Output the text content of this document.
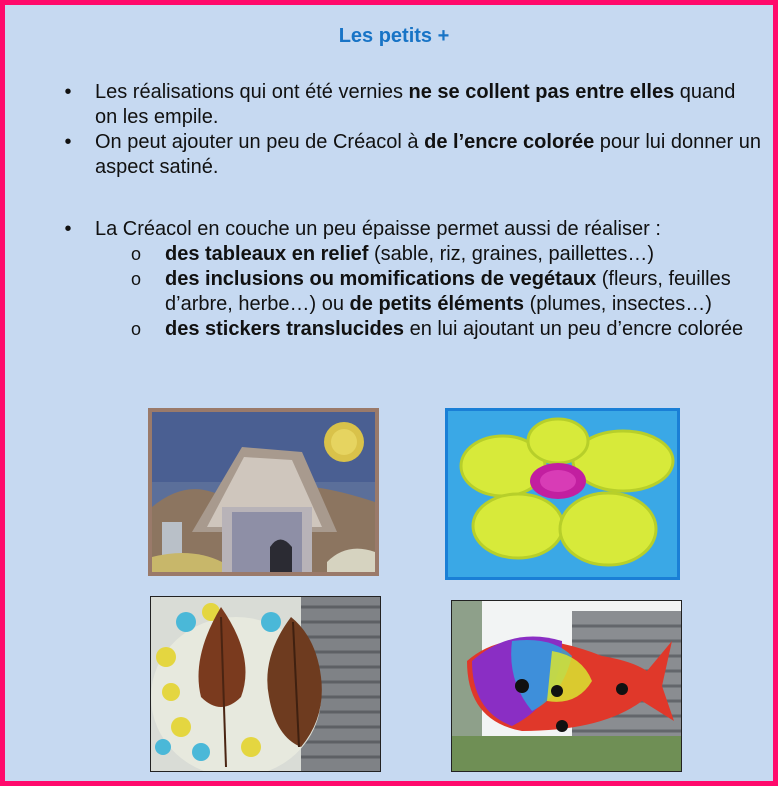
Les petits +
• Les réalisations qui ont été vernies ne se collent pas entre elles quand on les empile.
• On peut ajouter un peu de Créacol à de l’encre colorée pour lui donner un aspect satiné.
• La Créacol en couche un peu épaisse permet aussi de réaliser :
o des tableaux en relief (sable, riz, graines, paillettes…)
o des inclusions ou momifications de vegétaux (fleurs, feuilles d’arbre, herbe…) ou de petits éléments (plumes, insectes…)
o des stickers translucides en lui ajoutant un peu d’encre colorée
